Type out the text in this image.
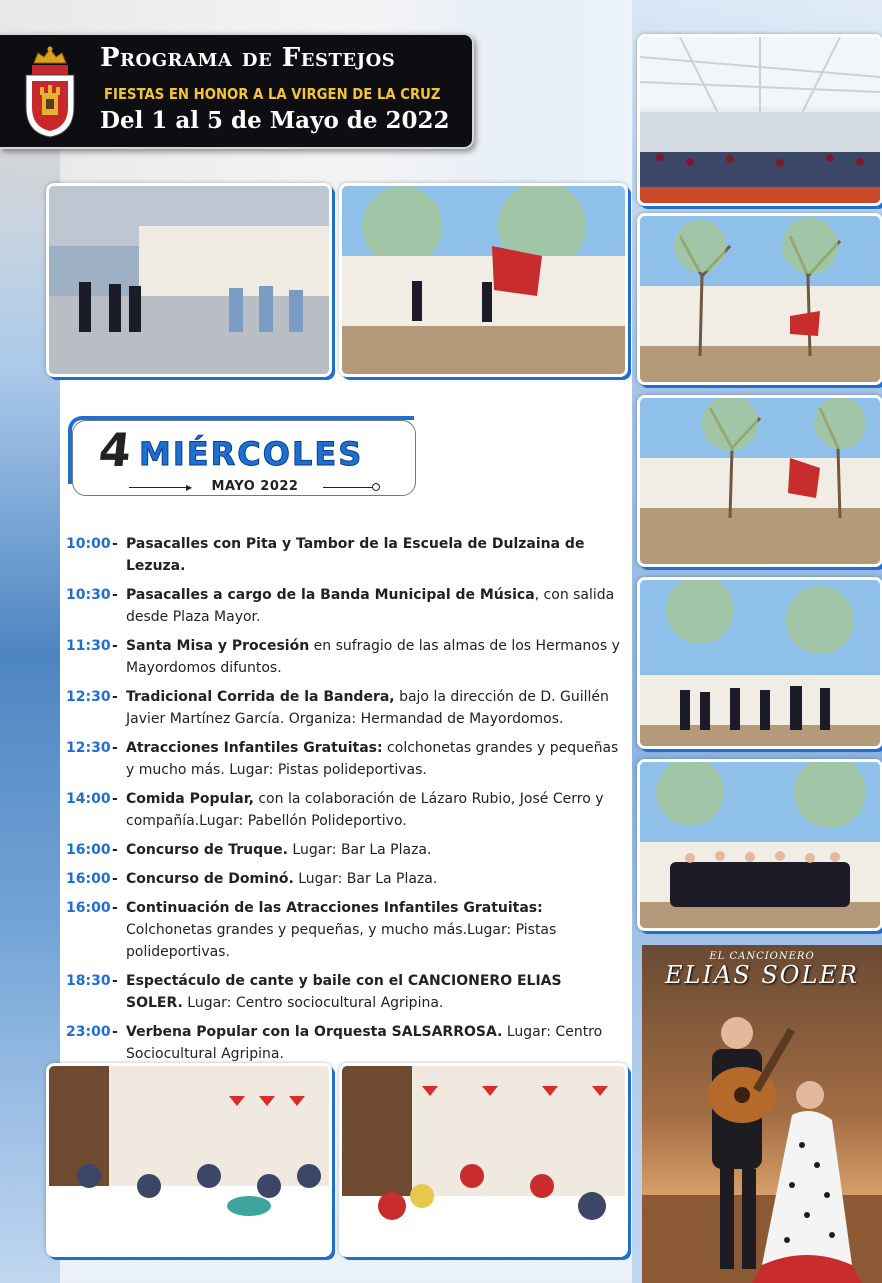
Programa de Festejos
FIESTAS EN HONOR A LA VIRGEN DE LA CRUZ
Del 1 al 5 de Mayo de 2022
4 MIÉRCOLES
▶	MAYO 2022
10:00 - Pasacalles con Pita y Tambor de la Escuela de Dulzaina de Lezuza.
10:30 - Pasacalles a cargo de la Banda Municipal de Música, con salida desde Plaza Mayor.
11:30 - Santa Misa y Procesión en sufragio de las almas de los Hermanos y Mayordomos difuntos.
12:30 - Tradicional Corrida de la Bandera, bajo la dirección de D. Guillén Javier Martínez García. Organiza: Hermandad de Mayordomos.
12:30 - Atracciones Infantiles Gratuitas: colchonetas grandes y pequeñas y mucho más. Lugar: Pistas polideportivas.
14:00 - Comida Popular, con la colaboración de Lázaro Rubio, José Cerro y compañía.Lugar: Pabellón Polideportivo.
16:00 - Concurso de Truque. Lugar: Bar La Plaza.
16:00 - Concurso de Dominó. Lugar: Bar La Plaza.
16:00 - Continuación de las Atracciones Infantiles Gratuitas: Colchonetas grandes y pequeñas, y mucho más.Lugar: Pistas polideportivas.
18:30 - Espectáculo de cante y baile con el CANCIONERO ELIAS SOLER. Lugar: Centro sociocultural Agripina.
23:00 - Verbena Popular con la Orquesta SALSARROSA. Lugar: Centro Sociocultural Agripina.
EL CANCIONERO
ELIAS SOLER
